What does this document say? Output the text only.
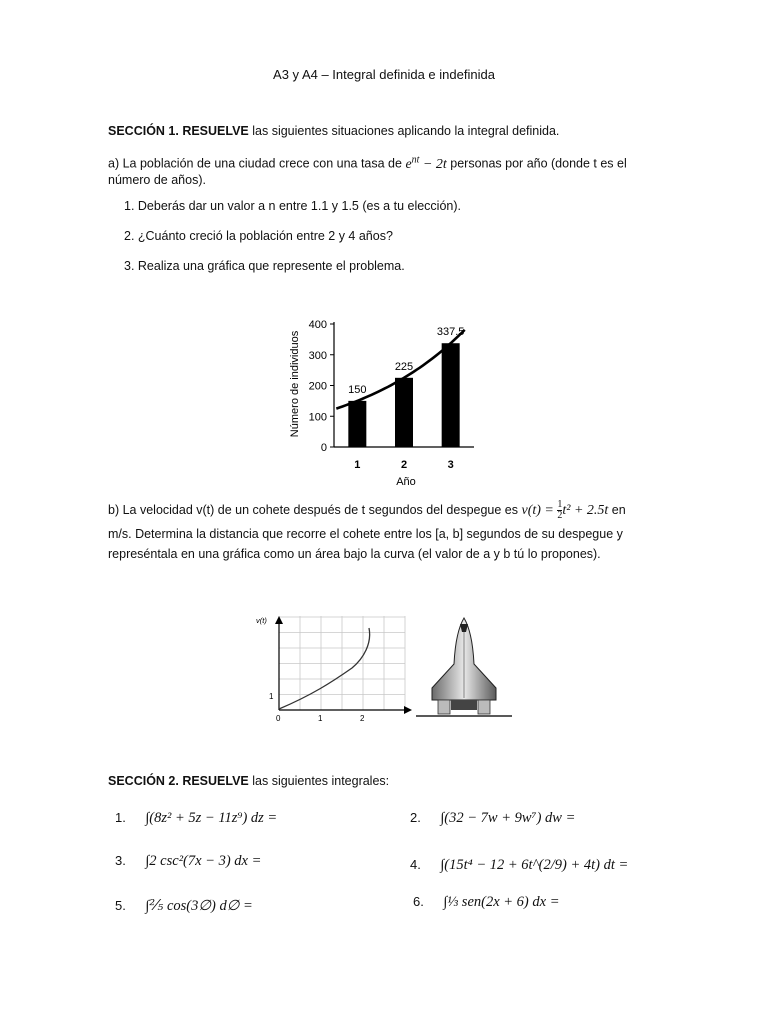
A3 y A4 – Integral definida e indefinida
SECCIÓN 1. RESUELVE las siguientes situaciones aplicando la integral definida.
a) La población de una ciudad crece con una tasa de $e^{nt} - 2t$ personas por año (donde t es el
número de años).
1. Deberás dar un valor a n entre 1.1 y 1.5 (es a tu elección).
2. ¿Cuánto creció la población entre 2 y 4 años?
3. Realiza una gráfica que represente el problema.
0
100
200
300
400
1	2	3
150
225
337.5
Año
Número de individuos
b) La velocidad v(t) de un cohete después de t segundos del despegue es $v(t) = \frac{1}{2} t^2 + 2.5t$ en
m/s. Determina la distancia que recorre el cohete entre los [a, b] segundos de su despegue y
represéntala en una gráfica como un área bajo la curva (el valor de a y b tú lo propones).
v(t)
1
0	1	2
SECCIÓN 2. RESUELVE las siguientes integrales:
1. ∫(8z² + 5z − 11z⁹) dz =	2. ∫(32 − 7w + 9w⁷) dw =
3. ∫2 csc²(7x − 3) dx =	4. ∫(15t⁴ − 12 + 6t^(2/9) + 4t) dt =
5. ∫⅖ cos(3∅) d∅ =	6. ∫⅓ sen(2x + 6) dx =
